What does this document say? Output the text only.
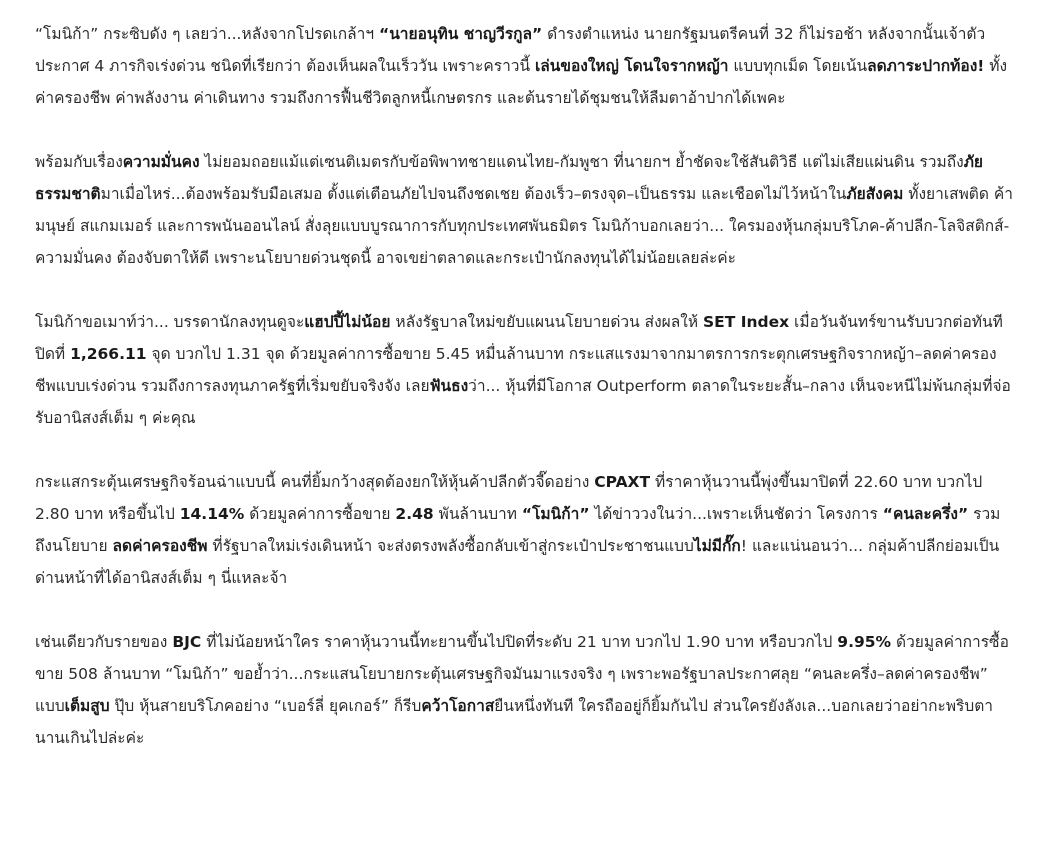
“โมนิก้า” กระซิบดัง ๆ เลยว่า...หลังจากโปรดเกล้าฯ “นายอนุทิน ชาญวีรกูล” ดำรงตำแหน่ง นายกรัฐมนตรีคนที่ 32 ก็ไม่รอช้า หลังจากนั้นเจ้าตัว ประกาศ 4 ภารกิจเร่งด่วน ชนิดที่เรียกว่า ต้องเห็นผลในเร็ววัน เพราะคราวนี้ เล่นของใหญ่ โดนใจรากหญ้า แบบทุกเม็ด โดยเน้นลดภาระปากท้อง! ทั้งค่าครองชีพ ค่าพลังงาน ค่าเดินทาง รวมถึงการฟื้นชีวิตลูกหนี้เกษตรกร และต้นรายได้ชุมชนให้ลืมตาอ้าปากได้เพคะ

พร้อมกับเรื่องความมั่นคง ไม่ยอมถอยแม้แต่เซนติเมตรกับข้อพิพาทชายแดนไทย-กัมพูชา ที่นายกฯ ย้ำชัดจะใช้สันติวิธี แต่ไม่เสียแผ่นดิน รวมถึงภัยธรรมชาติมาเมื่อไหร่...ต้องพร้อมรับมือเสมอ ตั้งแต่เตือนภัยไปจนถึงชดเชย ต้องเร็ว–ตรงจุด–เป็นธรรม และเชือดไม่ไว้หน้าในภัยสังคม ทั้งยาเสพติด ค้ามนุษย์ สแกมเมอร์ และการพนันออนไลน์ สั่งลุยแบบบูรณาการกับทุกประเทศพันธมิตร โมนิก้าบอกเลยว่า... ใครมองหุ้นกลุ่มบริโภค-ค้าปลีก-โลจิสติกส์-ความมั่นคง ต้องจับตาให้ดี เพราะนโยบายด่วนชุดนี้ อาจเขย่าตลาดและกระเป๋านักลงทุนได้ไม่น้อยเลยล่ะค่ะ

โมนิก้าขอเมาท์ว่า... บรรดานักลงทุนดูจะแฮปปี้ไม่น้อย หลังรัฐบาลใหม่ขยับแผนนโยบายด่วน ส่งผลให้ SET Index เมื่อวันจันทร์ขานรับบวกต่อทันที ปิดที่ 1,266.11 จุด บวกไป 1.31 จุด ด้วยมูลค่าการซื้อขาย 5.45 หมื่นล้านบาท กระแสแรงมาจากมาตรการกระตุกเศรษฐกิจรากหญ้า–ลดค่าครองชีพแบบเร่งด่วน รวมถึงการลงทุนภาครัฐที่เริ่มขยับจริงจัง เลยฟันธงว่า... หุ้นที่มีโอกาส Outperform ตลาดในระยะสั้น–กลาง เห็นจะหนีไม่พ้นกลุ่มที่จ่อรับอานิสงส์เต็ม ๆ ค่ะคุณ

กระแสกระตุ้นเศรษฐกิจร้อนฉ่าแบบนี้ คนที่ยิ้มกว้างสุดต้องยกให้หุ้นค้าปลีกตัวจี๊ดอย่าง CPAXT ที่ราคาหุ้นวานนี้พุ่งขึ้นมาปิดที่ 22.60 บาท บวกไป 2.80 บาท หรือขึ้นไป 14.14% ด้วยมูลค่าการซื้อขาย 2.48 พันล้านบาท “โมนิก้า” ได้ข่าววงในว่า...เพราะเห็นชัดว่า โครงการ “คนละครึ่ง” รวมถึงนโยบาย ลดค่าครองชีพ ที่รัฐบาลใหม่เร่งเดินหน้า จะส่งตรงพลังซื้อกลับเข้าสู่กระเป๋าประชาชนแบบไม่มีกั๊ก! และแน่นอนว่า... กลุ่มค้าปลีกย่อมเป็นด่านหน้าที่ได้อานิสงส์เต็ม ๆ นี่แหละจ้า

เช่นเดียวกับรายของ BJC ที่ไม่น้อยหน้าใคร ราคาหุ้นวานนี้ทะยานขึ้นไปปิดที่ระดับ 21 บาท บวกไป 1.90 บาท หรือบวกไป 9.95% ด้วยมูลค่าการซื้อขาย 508 ล้านบาท “โมนิก้า” ขอย้ำว่า...กระแสนโยบายกระตุ้นเศรษฐกิจมันมาแรงจริง ๆ เพราะพอรัฐบาลประกาศลุย “คนละครึ่ง–ลดค่าครองชีพ” แบบเต็มสูบ ปุ๊บ หุ้นสายบริโภคอย่าง “เบอร์ลี่ ยุคเกอร์” ก็รีบคว้าโอกาสยืนหนึ่งทันที ใครถืออยู่ก็ยิ้มกันไป ส่วนใครยังลังเล...บอกเลยว่าอย่ากะพริบตานานเกินไปล่ะค่ะ
